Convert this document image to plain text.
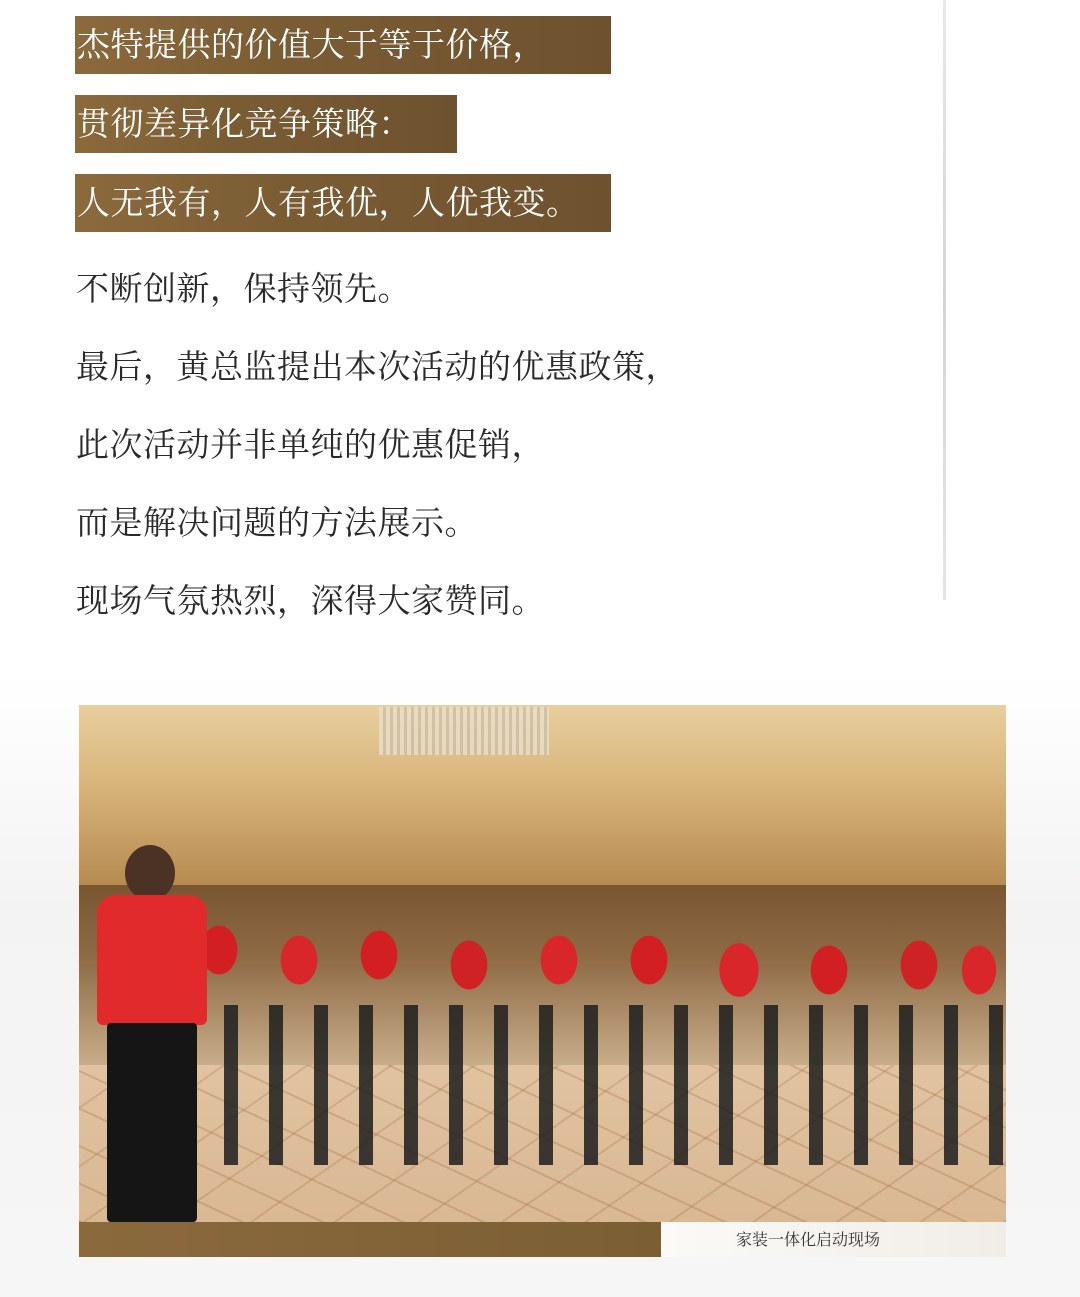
杰特提供的价值大于等于价格，
贯彻差异化竞争策略：
人无我有，人有我优，人优我变。
不断创新，保持领先。
最后，黄总监提出本次活动的优惠政策，
此次活动并非单纯的优惠促销，
而是解决问题的方法展示。
现场气氛热烈，深得大家赞同。
家装一体化启动现场
